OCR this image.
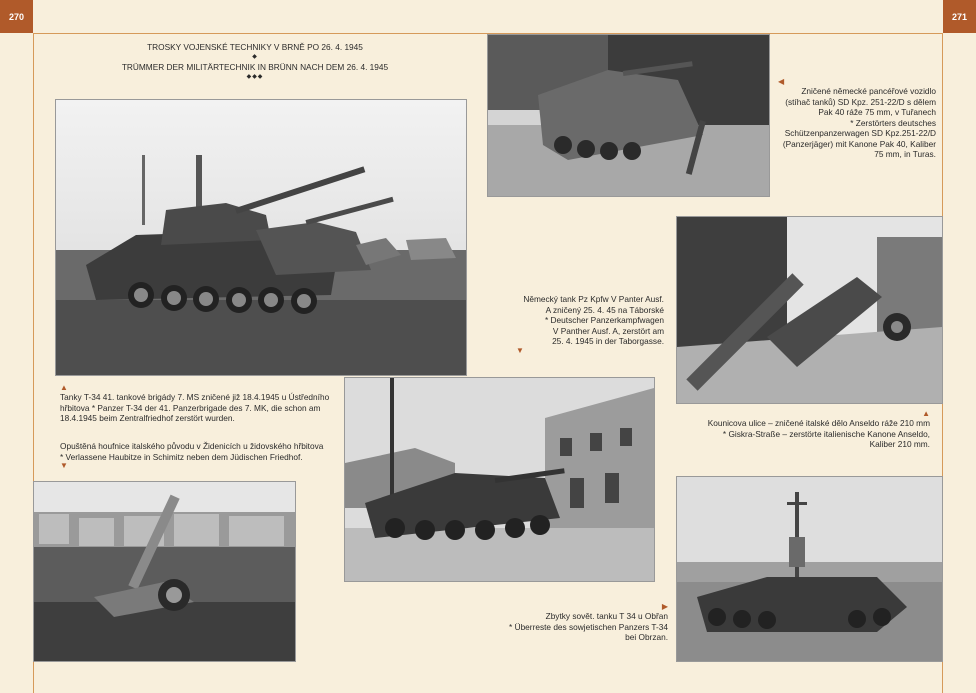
270	271
TROSKY VOJENSKÉ TECHNIKY V BRNĚ PO 26. 4. 1945
◆
TRÜMMER DER MILITÄRTECHNIK IN BRÜNN NACH DEM 26. 4. 1945
◆◆◆
▲
Tanky T-34 41. tankové brigády 7. MS zničené již 18.4.1945 u Ústředního hřbitova * Panzer T-34 der 41. Panzerbrigade des 7. MK, die schon am 18.4.1945 beim Zentralfriedhof zerstört wurden.
Opuštěná houfnice italského původu v Židenicích u židovského hřbitova
* Verlassene Haubitze in Schimitz neben dem Jüdischen Friedhof.
▼
◀
Zničené německé pancéřové vozidlo
(stíhač tanků) SD Kpz. 251-22/D s dělem
Pak 40 ráže 75 mm, v Tuřanech
* Zerstörters deutsches
Schützenpanzerwagen SD Kpz.251-22/D
(Panzerjäger) mit Kanone Pak 40, Kaliber
75 mm, in Turas.
Německý tank Pz Kpfw V Panter Ausf.
A zničený 25. 4. 45 na Táborské
* Deutscher Panzerkampfwagen
V Panther Ausf. A, zerstört am
25. 4. 1945 in der Taborgasse.
▼
▲
Kounicova ulice – zničené italské dělo Anseldo ráže 210 mm
* Giskra-Straße – zerstörte italienische Kanone Anseldo,
Kaliber 210 mm.
▶
Zbytky sovět. tanku T 34 u Obřan
* Überreste des sowjetischen Panzers T-34
bei Obrzan.
